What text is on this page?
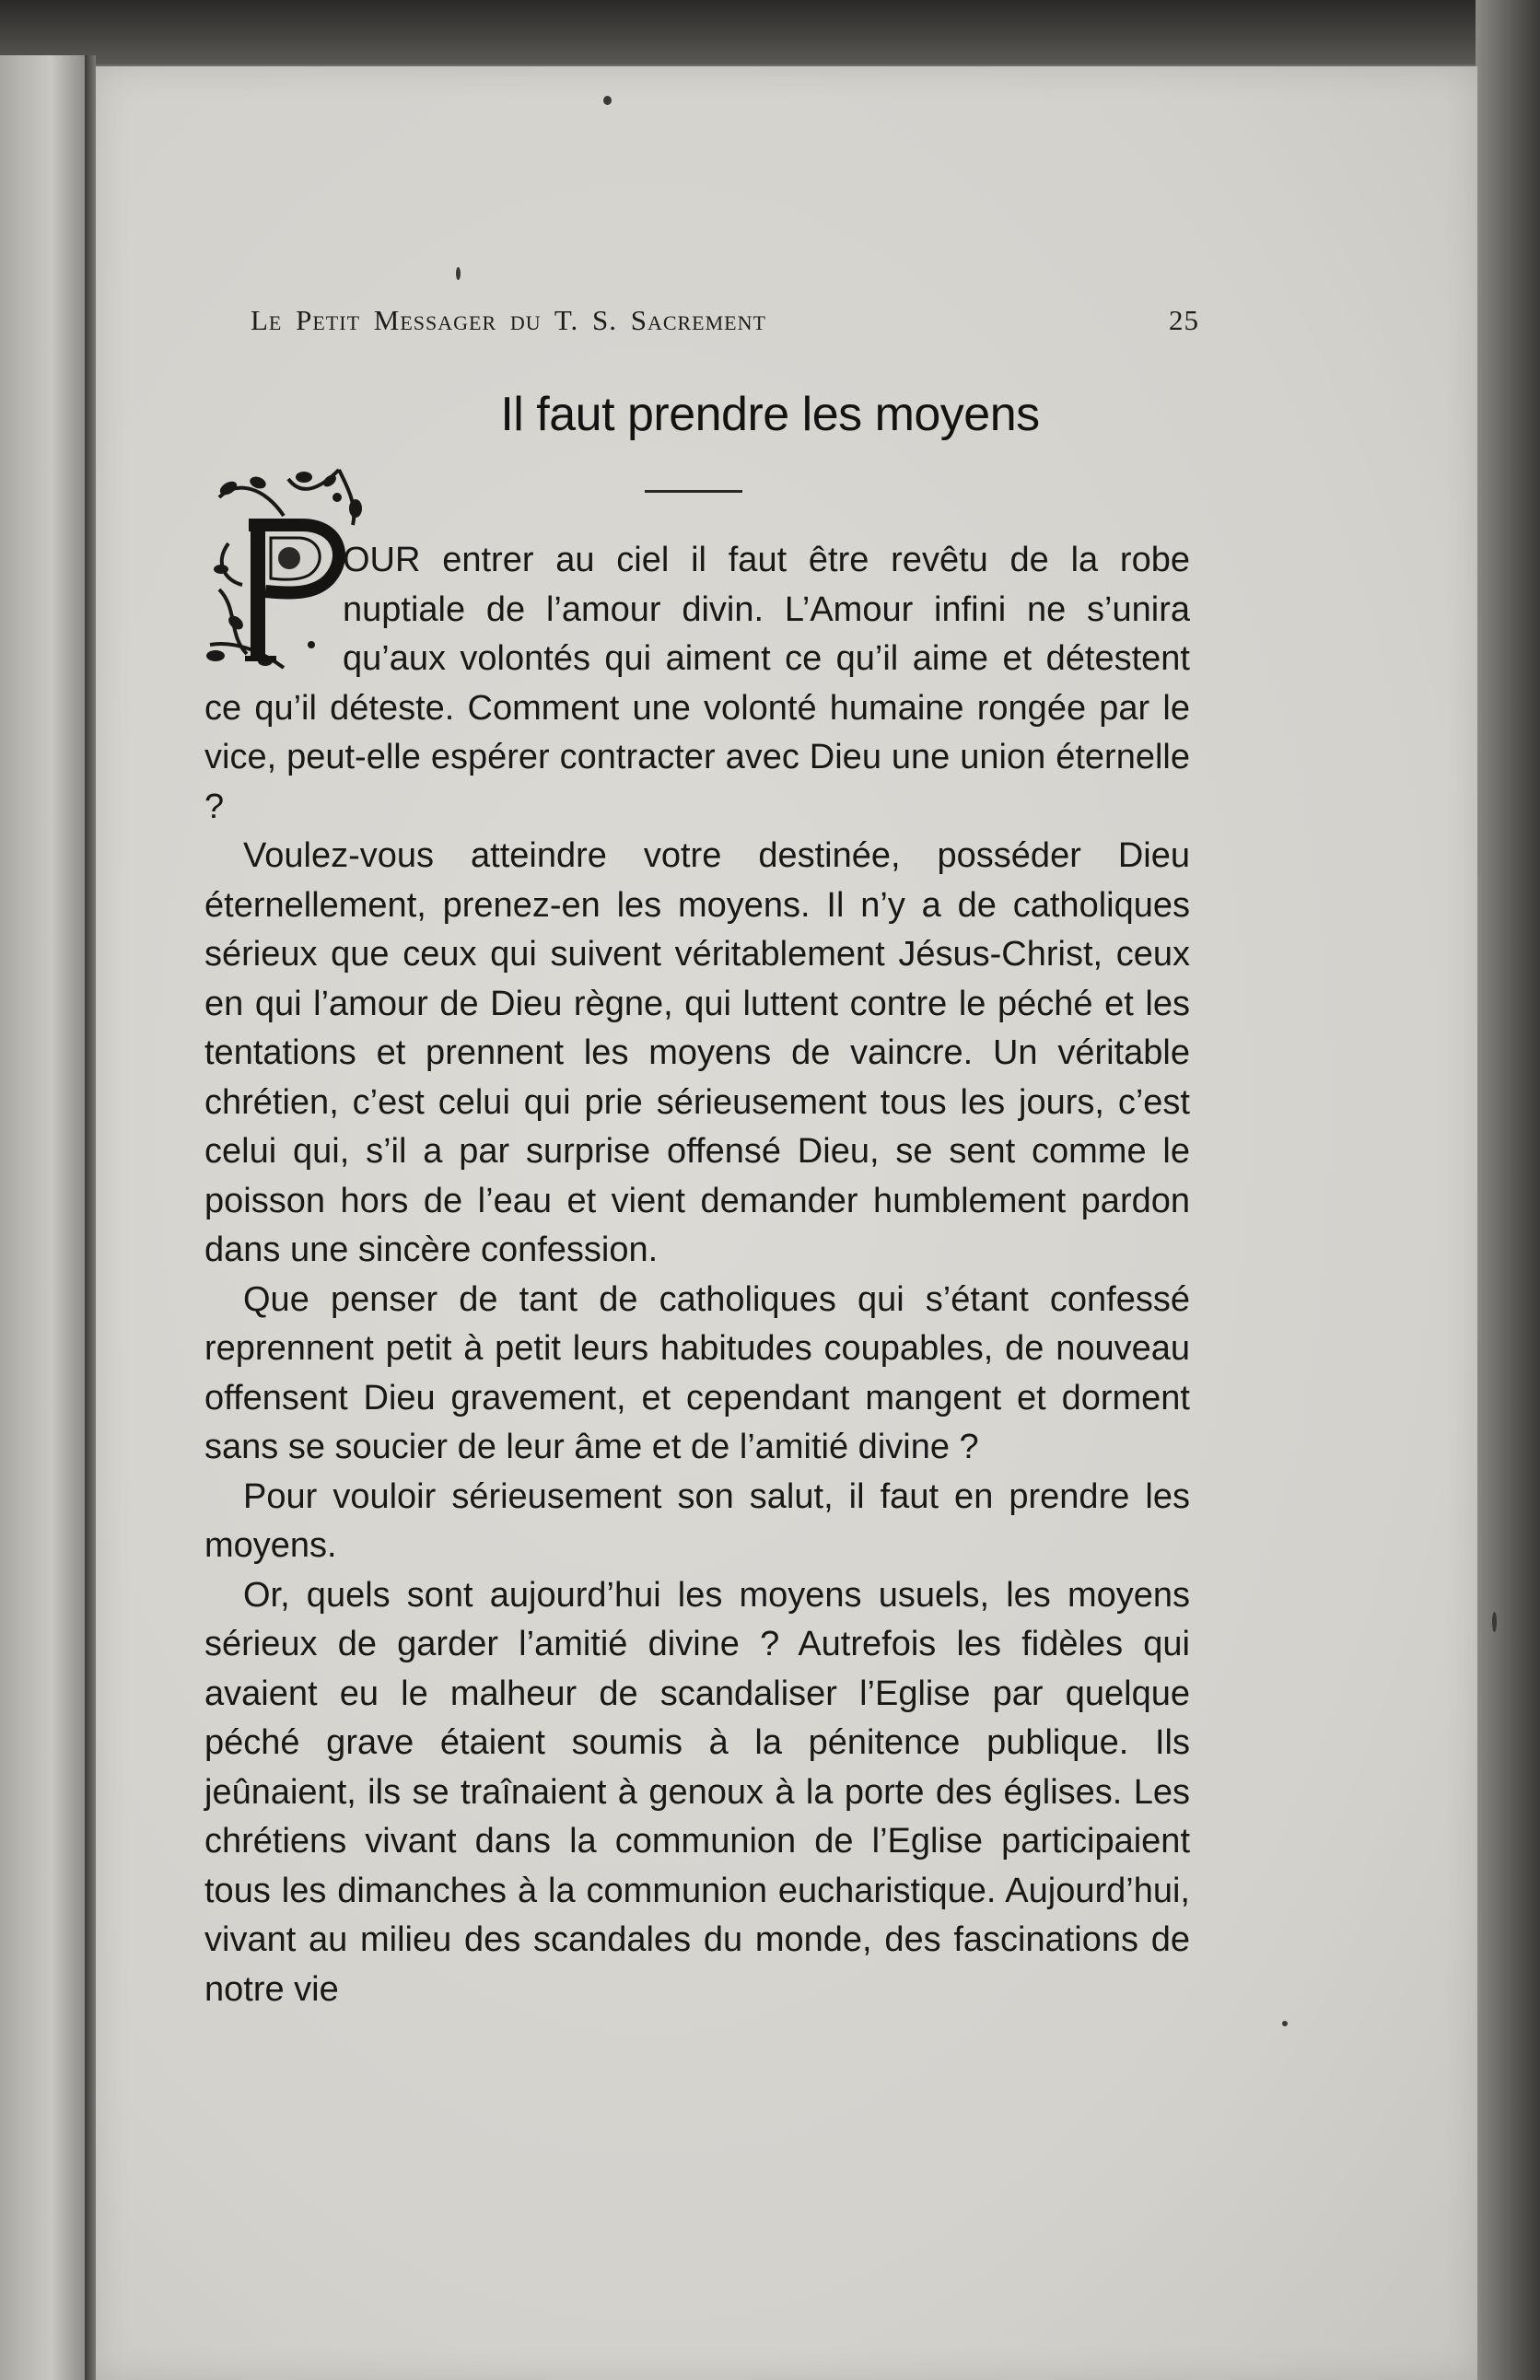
Le Petit Messager du T. S. Sacrement	25
Il faut prendre les moyens

OUR entrer au ciel il faut être revêtu de la robe nuptiale de l’amour divin. L’Amour infini ne s’unira qu’aux volontés qui aiment ce qu’il aime et détestent ce qu’il déteste. Comment une volonté humaine rongée par le vice, peut-elle espérer contracter avec Dieu une union éternelle ?

Voulez-vous atteindre votre destinée, posséder Dieu éternellement, prenez-en les moyens. Il n’y a de catholiques sérieux que ceux qui suivent véritablement Jésus-Christ, ceux en qui l’amour de Dieu règne, qui luttent contre le péché et les tentations et prennent les moyens de vaincre. Un véritable chrétien, c’est celui qui prie sérieusement tous les jours, c’est celui qui, s’il a par surprise offensé Dieu, se sent comme le poisson hors de l’eau et vient demander humblement pardon dans une sincère confession.

Que penser de tant de catholiques qui s’étant confessé reprennent petit à petit leurs habitudes coupables, de nouveau offensent Dieu gravement, et cependant mangent et dorment sans se soucier de leur âme et de l’amitié divine ?

Pour vouloir sérieusement son salut, il faut en prendre les moyens.

Or, quels sont aujourd’hui les moyens usuels, les moyens sérieux de garder l’amitié divine ? Autrefois les fidèles qui avaient eu le malheur de scandaliser l’Eglise par quelque péché grave étaient soumis à la pénitence publique. Ils jeûnaient, ils se traînaient à genoux à la porte des églises. Les chrétiens vivant dans la communion de l’Eglise participaient tous les dimanches à la communion eucharistique. Aujourd’hui, vivant au milieu des scandales du monde, des fascinations de notre vie
